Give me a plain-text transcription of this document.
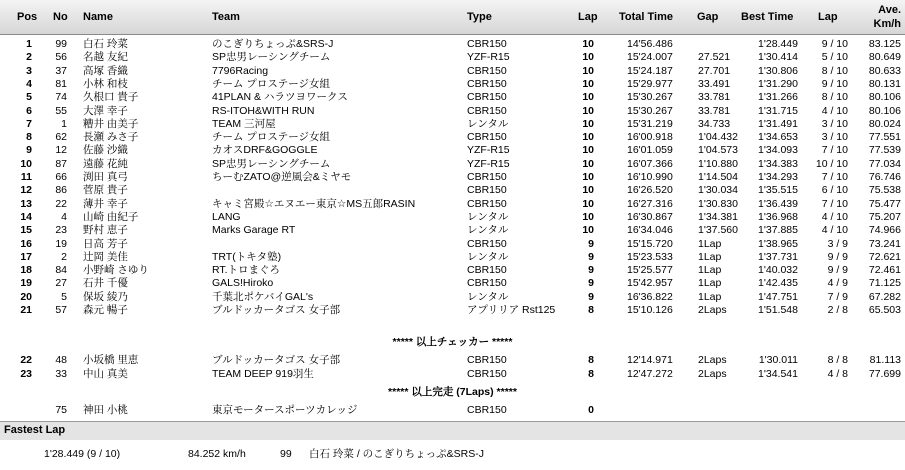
Pos No Name	Team	Type	Lap Total Time Gap Best Time Lap
Ave.
Km/h
1 99 白石 玲菜	のこぎりちょっぷ&SRS-J	CBR150	10	14'56.486	1'28.449 9 / 10 83.125
2 56 名越 友紀	SP忠男レーシングチーム	YZF-R15	10	15'24.007 27.521	1'30.414 5 / 10 80.649
3 37 高塚 香織	7796Racing	CBR150	10	15'24.187 27.701	1'30.806 8 / 10 80.633
4 81 小林 和枝	チーム プロステージ女組	CBR150	10	15'29.977 33.491	1'31.290 9 / 10 80.131
5 74 久根口 貴子	41PLAN & ハラツヨワークス	CBR150	10	15'30.267 33.781	1'31.266 8 / 10 80.106
6 55 大澤 幸子	RS-ITOH&WITH RUN	CBR150	10	15'30.267 33.781	1'31.715 4 / 10 80.106
7	1 糟井 由美子	TEAM 三河屋	レンタル	10	15'31.219 34.733	1'31.491 3 / 10 80.024
8 62 長瀬 みさ子	チーム プロステージ女組	CBR150	10	16'00.918 1'04.432 1'34.653 3 / 10 77.551
9 12 佐藤 沙織	カオスDRF&GOGGLE	YZF-R15	10	16'01.059 1'04.573 1'34.093 7 / 10 77.539
10 87 遠藤 花純	SP忠男レーシングチーム	YZF-R15	10	16'07.366 1'10.880 1'34.383 10 / 10 77.034
11 66 渕田 真弓	ちーむZATO@逆風会&ミヤモ	CBR150	10	16'10.990 1'14.504 1'34.293 7 / 10 76.746
12 86 菅原 貴子	CBR150	10	16'26.520 1'30.034 1'35.515 6 / 10 75.538
13 22 薄井 幸子	キャミ宮殿☆エヌエー東京☆MS五郎RASIN	CBR150	10	16'27.316 1'30.830 1'36.439 7 / 10 75.477
14	4 山崎 由紀子	LANG	レンタル	10	16'30.867 1'34.381 1'36.968 4 / 10 75.207
15 23 野村 恵子	Marks Garage RT	レンタル	10	16'34.046 1'37.560 1'37.885 4 / 10 74.966
16 19 日高 芳子	CBR150	9	15'15.720 1Lap	1'38.965	3 / 9 73.241
17	2 辻岡 美佳	TRT(トキタ塾)	レンタル	9	15'23.533 1Lap	1'37.731	9 / 9 72.621
18 84 小野崎 さゆり	RT.トロまぐろ	CBR150	9	15'25.577 1Lap	1'40.032	9 / 9 72.461
19 27 石井 千優	GALS!Hiroko	CBR150	9	15'42.957 1Lap	1'42.435	4 / 9 71.125
20	5 保坂 綾乃	千葉北ポケバイGAL's	レンタル	9	16'36.822 1Lap	1'47.751	7 / 9 67.282
21 57 森元 暢子	ブルドッカータゴス 女子部	アプリリア Rst125	8	15'10.126 2Laps	1'51.548	2 / 8 65.503
***** 以上チェッカー *****
22 48 小坂橋 里恵	ブルドッカータゴス 女子部	CBR150	8	12'14.971 2Laps	1'30.011	8 / 8 81.113
23 33 中山 真美	TEAM DEEP 919羽生	CBR150	8	12'47.272 2Laps	1'34.541	4 / 8 77.699
***** 以上完走 (7Laps) *****
75 神田 小桃	東京モータースポーツカレッジ	CBR150	0
Fastest Lap
1'28.449 (9 / 10)	84.252 km/h	99 白石 玲菜 / のこぎりちょっぷ&SRS-J
